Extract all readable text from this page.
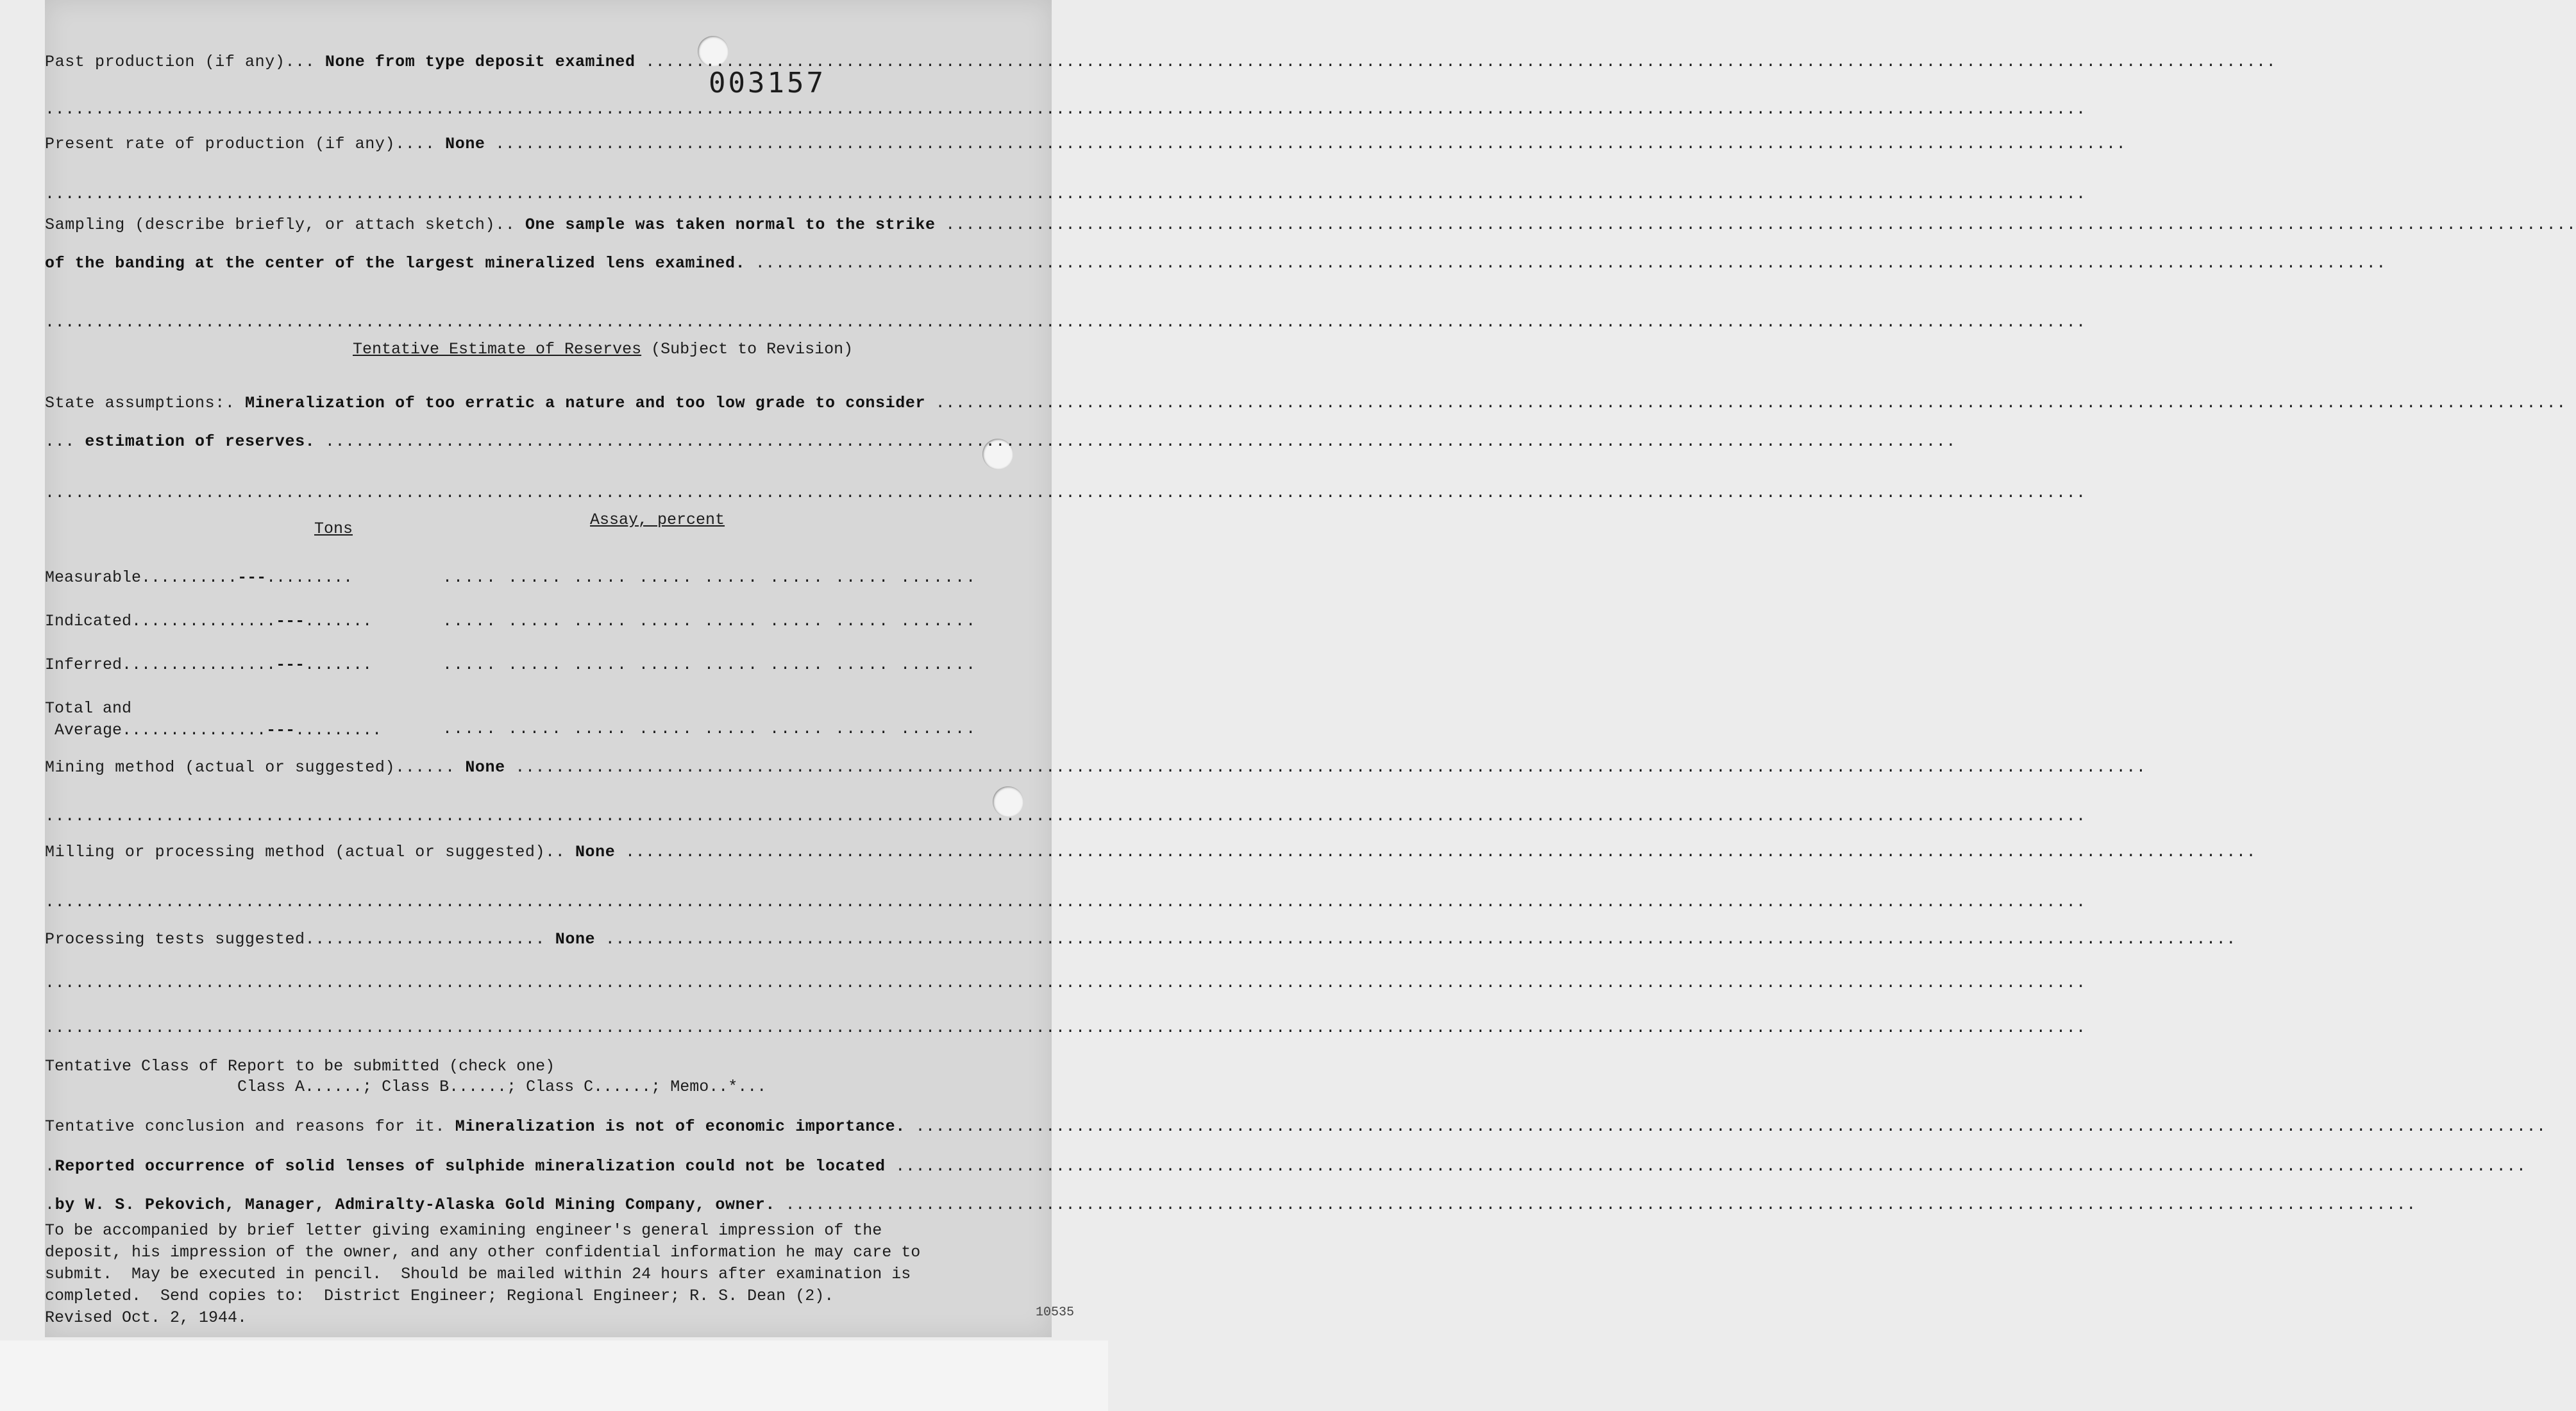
003157
Past production (if any)... None from type deposit examined .....
.....
Present rate of production (if any).... None .....
.....
Sampling (describe briefly, or attach sketch).. One sample was taken normal to the strike .....
of the banding at the center of the largest mineralized lens examined. .....
.....
Tentative Estimate of Reserves (Subject to Revision)
State assumptions:. Mineralization of too erratic a nature and too low grade to consider .....
... estimation of reserves. .....
.....
Tons	Assay, percent
Measurable..........---.........	..... ..... ..... ..... ..... ..... ..... .......
Indicated...............---.......	..... ..... ..... ..... ..... ..... ..... .......
Inferred................---.......	..... ..... ..... ..... ..... ..... ..... .......
Total and
Average...............---.........	..... ..... ..... ..... ..... ..... ..... .......
Mining method (actual or suggested)...... None .....
.....
Milling or processing method (actual or suggested).. None .....
.....
Processing tests suggested........................ None .....
.....
.....
Tentative Class of Report to be submitted (check one)
Class A......; Class B......; Class C......; Memo..*...
Tentative conclusion and reasons for it. Mineralization is not of economic importance. .....
.Reported occurrence of solid lenses of sulphide mineralization could not be located .....
.by W. S. Pekovich, Manager, Admiralty-Alaska Gold Mining Company, owner. .....
To be accompanied by brief letter giving examining engineer's general impression of the
deposit, his impression of the owner, and any other confidential information he may care to
submit.  May be executed in pencil.  Should be mailed within 24 hours after examination is
completed.  Send copies to:  District Engineer; Regional Engineer; R. S. Dean (2).
Revised Oct. 2, 1944.	10535
